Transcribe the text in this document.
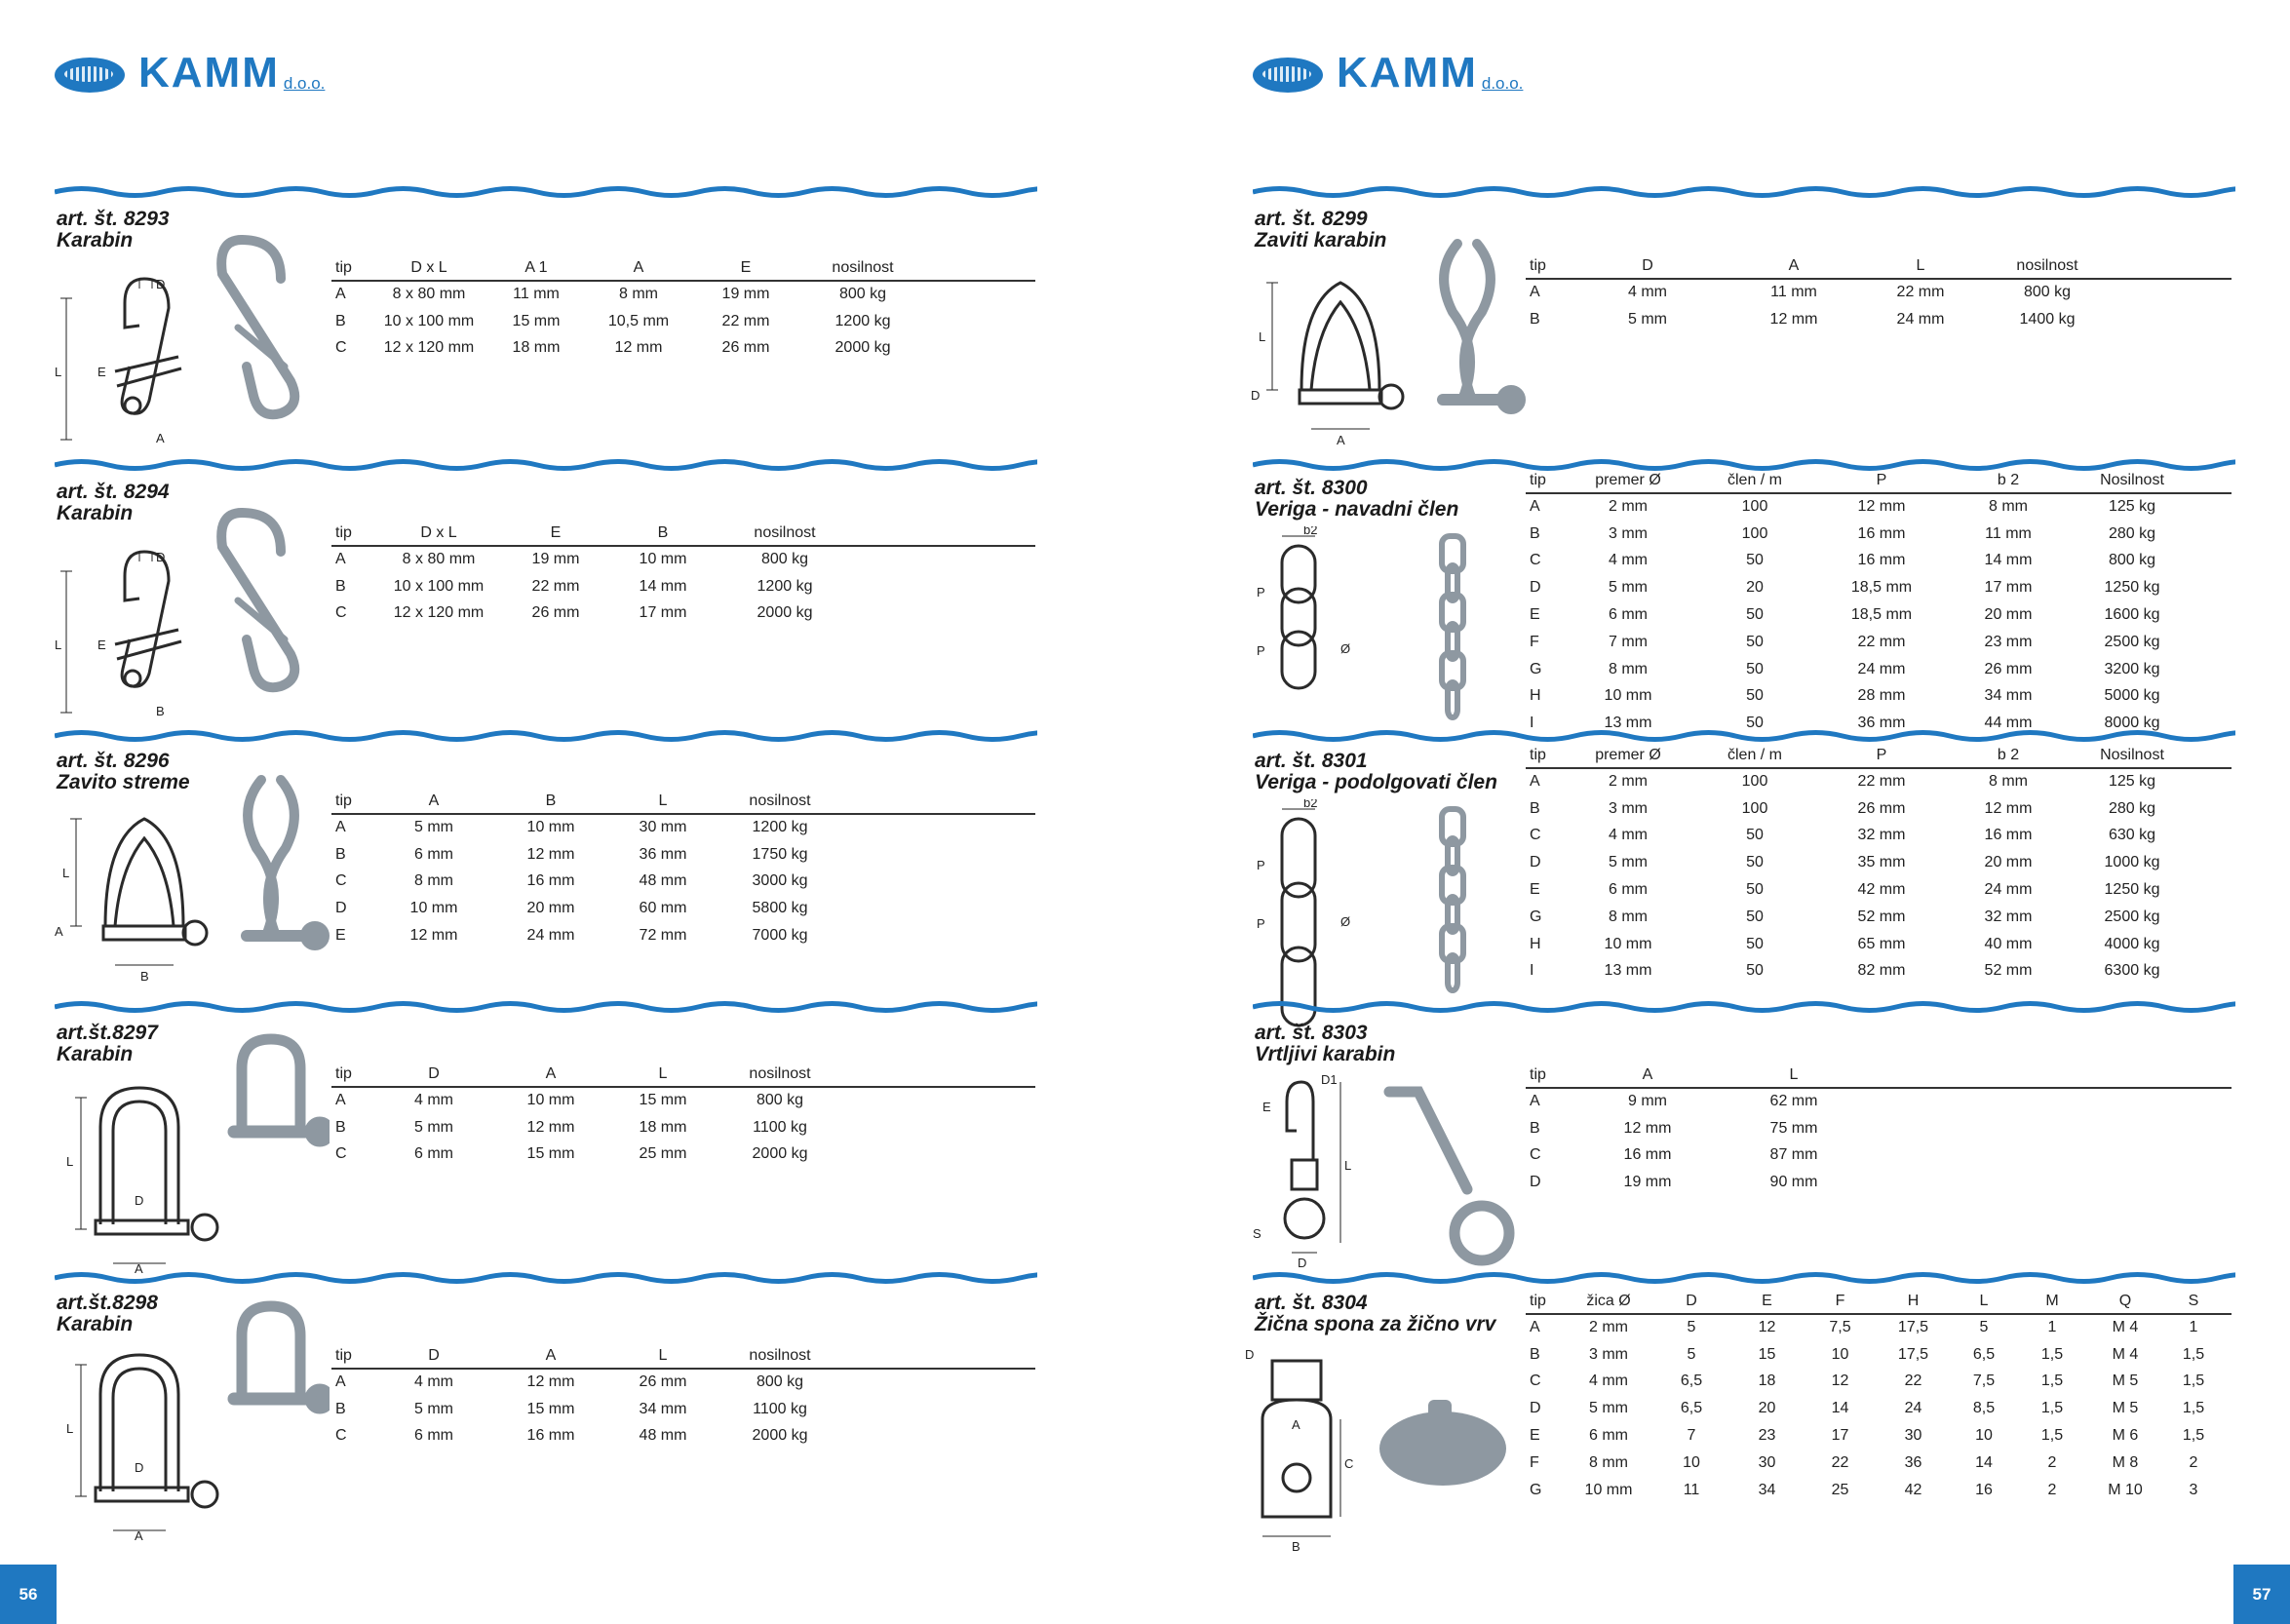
KAMM d.o.o.
art. št. 8293
Karabin
D
L	E
A
tip	D x L	A 1	A	E	nosilnost	
A	8 x 80 mm	11 mm	8 mm	19 mm	800 kg	
B	10 x 100 mm	15 mm	10,5 mm	22 mm	1200 kg	
C	12 x 120 mm	18 mm	12 mm	26 mm	2000 kg	
art. št. 8294
Karabin
D
L	E
B
tip	D x L	E	B	nosilnost	
A	8 x 80 mm	19 mm	10 mm	800 kg	
B	10 x 100 mm	22 mm	14 mm	1200 kg	
C	12 x 120 mm	26 mm	17 mm	2000 kg	
art. št. 8296
Zavito streme
L
A
B
tip	A	B	L	nosilnost	
A	5 mm	10 mm	30 mm	1200 kg	
B	6 mm	12 mm	36 mm	1750 kg	
C	8 mm	16 mm	48 mm	3000 kg	
D	10 mm	20 mm	60 mm	5800 kg	
E	12 mm	24 mm	72 mm	7000 kg	
art.št.8297
Karabin
L
D
A
tip	D	A	L	nosilnost	
A	4 mm	10 mm	15 mm	800 kg	
B	5 mm	12 mm	18 mm	1100 kg	
C	6 mm	15 mm	25 mm	2000 kg	
art.št.8298
Karabin
L
D
A
tip	D	A	L	nosilnost	
A	4 mm	12 mm	26 mm	800 kg	
B	5 mm	15 mm	34 mm	1100 kg	
C	6 mm	16 mm	48 mm	2000 kg	
56
KAMM d.o.o.
art. št. 8299
Zaviti karabin
L
D
A
tip	D	A	L	nosilnost	
A	4 mm	11 mm	22 mm	800 kg	
B	5 mm	12 mm	24 mm	1400 kg	
art. št. 8300
Veriga - navadni člen
b2
P
P	Ø
tip	premer Ø	člen / m	P	b 2	Nosilnost	
A	2 mm	100	12 mm	8 mm	125 kg	
B	3 mm	100	16 mm	11 mm	280 kg	
C	4 mm	50	16 mm	14 mm	800 kg	
D	5 mm	20	18,5 mm	17 mm	1250 kg	
E	6 mm	50	18,5 mm	20 mm	1600 kg	
F	7 mm	50	22 mm	23 mm	2500 kg	
G	8 mm	50	24 mm	26 mm	3200 kg	
H	10 mm	50	28 mm	34 mm	5000 kg	
I	13 mm	50	36 mm	44 mm	8000 kg	
art. št. 8301
Veriga - podolgovati člen
b2
P
P	Ø
tip	premer Ø	člen / m	P	b 2	Nosilnost	
A	2 mm	100	22 mm	8 mm	125 kg	
B	3 mm	100	26 mm	12 mm	280 kg	
C	4 mm	50	32 mm	16 mm	630 kg	
D	5 mm	50	35 mm	20 mm	1000 kg	
E	6 mm	50	42 mm	24 mm	1250 kg	
G	8 mm	50	52 mm	32 mm	2500 kg	
H	10 mm	50	65 mm	40 mm	4000 kg	
I	13 mm	50	82 mm	52 mm	6300 kg	
art. št. 8303
Vrtljivi karabin
D1
E
L
S
D
tip	A	L	
A	9 mm	62 mm	
B	12 mm	75 mm	
C	16 mm	87 mm	
D	19 mm	90 mm	
art. št. 8304
Žična spona za žično vrv
D
A
C
B
tip	žica Ø	D	E	F	H	L	M	Q	S	
A	2 mm	5	12	7,5	17,5	5	1	M 4	1	
B	3 mm	5	15	10	17,5	6,5	1,5	M 4	1,5	
C	4 mm	6,5	18	12	22	7,5	1,5	M 5	1,5	
D	5 mm	6,5	20	14	24	8,5	1,5	M 5	1,5	
E	6 mm	7	23	17	30	10	1,5	M 6	1,5	
F	8 mm	10	30	22	36	14	2	M 8	2	
G	10 mm	11	34	25	42	16	2	M 10	3	
57
